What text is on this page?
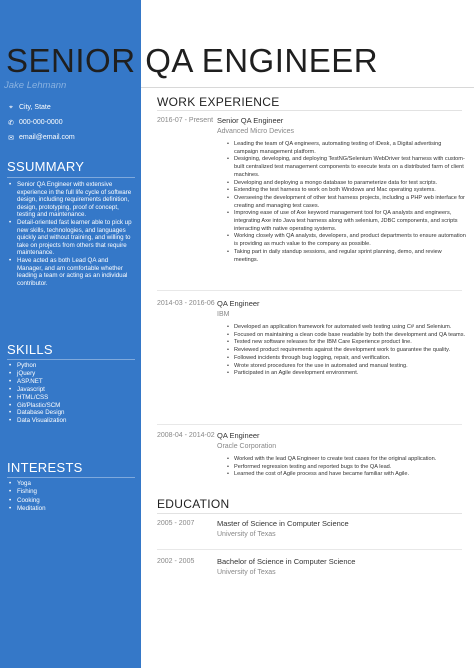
SENIOR QA ENGINEER
Jake Lehmann
⌖ City, State
✆ 000-000-0000
✉ email@email.com
SSUMMARY
• Senior QA Engineer with extensive experience in the full life cycle of software design, including requirements definition, design, prototyping, proof of concept, testing and maintenance.
• Detail-oriented fast learner able to pick up new skills, technologies, and languages quickly and without training, and willing to take on projects from others that require maintenance.
• Have acted as both Lead QA and Manager, and am comfortable whether leading a team or acting as an individual contributor.
SKILLS
• Python
• jQuery
• ASP.NET
• Javascript
• HTML/CSS
• Git/Plastic/SCM
• Database Design
• Data Visualization
INTERESTS
• Yoga
• Fishing
• Cooking
• Meditation
WORK EXPERIENCE
2016-07 - Present Senior QA Engineer
Advanced Micro Devices
• Leading the team of QA engineers, automating testing of iDesk, a Digital advertising campaign management platform.
• Designing, developing, and deploying TestNG/Selenium WebDriver test harness with custom-built centralized test management components to execute tests on a distributed farm of client machines.
• Developing and deploying a mongo database to parameterize data for test scripts.
• Extending the test harness to work on both Windows and Mac operating systems.
• Overseeing the development of other test harness projects, including a PHP web interface for creating and managing test cases.
• Improving ease of use of Axe keyword management tool for QA analysts and engineers, integrating Axe into Java test harness along with selenium, JDBC components, and scripts interacting with native operating systems.
• Working closely with QA analysts, developers, and product departments to ensure automation is providing as much value to the company as possible.
• Taking part in daily standup sessions, and regular sprint planning, demo, and review meetings.
2014-03 - 2016-06 QA Engineer
IBM
• Developed an application framework for automated web testing using C# and Selenium.
• Focused on maintaining a clean code base readable by both the development and QA teams.
• Tested new software releases for the IBM Care Experience product line.
• Reviewed product requirements against the development work to guarantee the quality.
• Followed incidents through bug logging, repair, and verification.
• Wrote stored procedures for the use in automated and manual testing.
• Participated in an Agile development environment.
2008-04 - 2014-02 QA Engineer
Oracle Corporation
• Worked with the lead QA Engineer to create test cases for the original application.
• Performed regression testing and reported bugs to the QA lead.
• Learned the cost of Agile process and have became familiar with Agile.
EDUCATION
2005 - 2007	Master of Science in Computer Science
University of Texas
2002 - 2005	Bachelor of Science in Computer Science
University of Texas
